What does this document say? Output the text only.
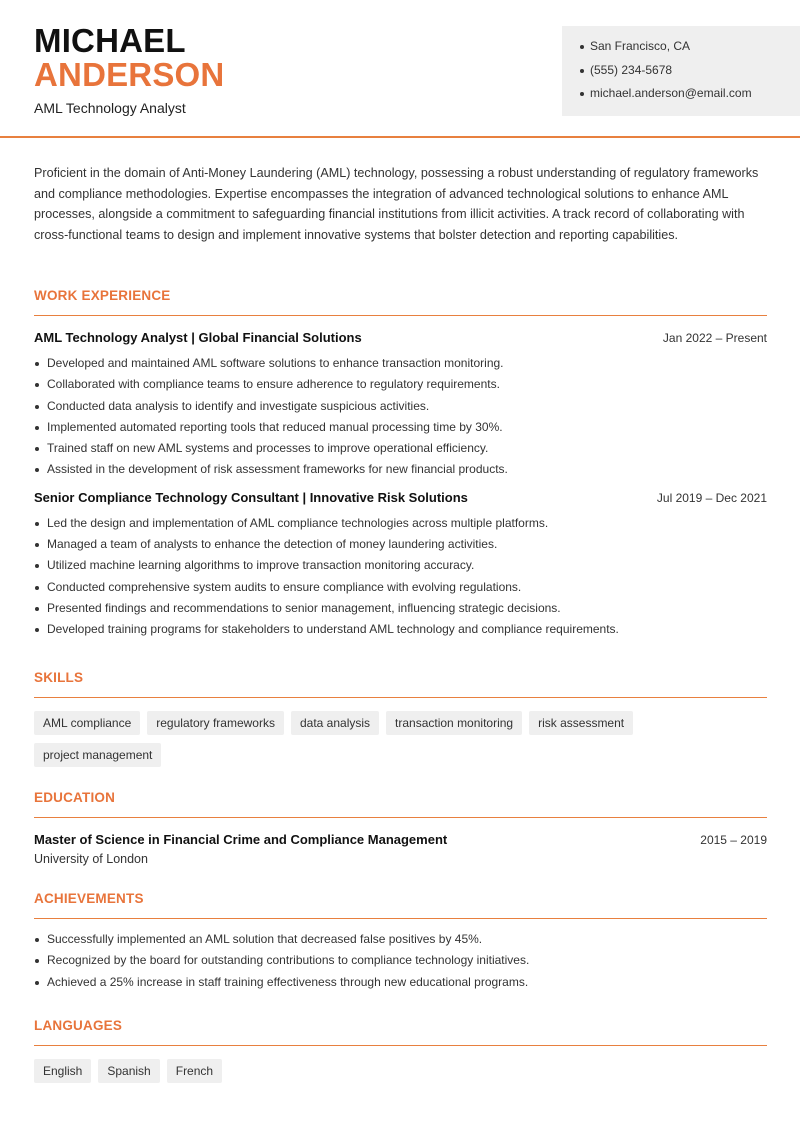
MICHAEL
ANDERSON
AML Technology Analyst
San Francisco, CA
(555) 234-5678
michael.anderson@email.com

Proficient in the domain of Anti-Money Laundering (AML) technology, possessing a robust understanding of regulatory frameworks and compliance methodologies. Expertise encompasses the integration of advanced technological solutions to enhance AML processes, alongside a commitment to safeguarding financial institutions from illicit activities. A track record of collaborating with cross-functional teams to design and implement innovative systems that bolster detection and reporting capabilities.

WORK EXPERIENCE
AML Technology Analyst | Global Financial Solutions	Jan 2022 – Present
Developed and maintained AML software solutions to enhance transaction monitoring.
Collaborated with compliance teams to ensure adherence to regulatory requirements.
Conducted data analysis to identify and investigate suspicious activities.
Implemented automated reporting tools that reduced manual processing time by 30%.
Trained staff on new AML systems and processes to improve operational efficiency.
Assisted in the development of risk assessment frameworks for new financial products.
Senior Compliance Technology Consultant | Innovative Risk Solutions	Jul 2019 – Dec 2021
Led the design and implementation of AML compliance technologies across multiple platforms.
Managed a team of analysts to enhance the detection of money laundering activities.
Utilized machine learning algorithms to improve transaction monitoring accuracy.
Conducted comprehensive system audits to ensure compliance with evolving regulations.
Presented findings and recommendations to senior management, influencing strategic decisions.
Developed training programs for stakeholders to understand AML technology and compliance requirements.
SKILLS
AML compliance	regulatory frameworks	data analysis	transaction monitoring	risk assessment
project management
EDUCATION
Master of Science in Financial Crime and Compliance Management	2015 – 2019
University of London
ACHIEVEMENTS
Successfully implemented an AML solution that decreased false positives by 45%.
Recognized by the board for outstanding contributions to compliance technology initiatives.
Achieved a 25% increase in staff training effectiveness through new educational programs.
LANGUAGES
English	Spanish	French
